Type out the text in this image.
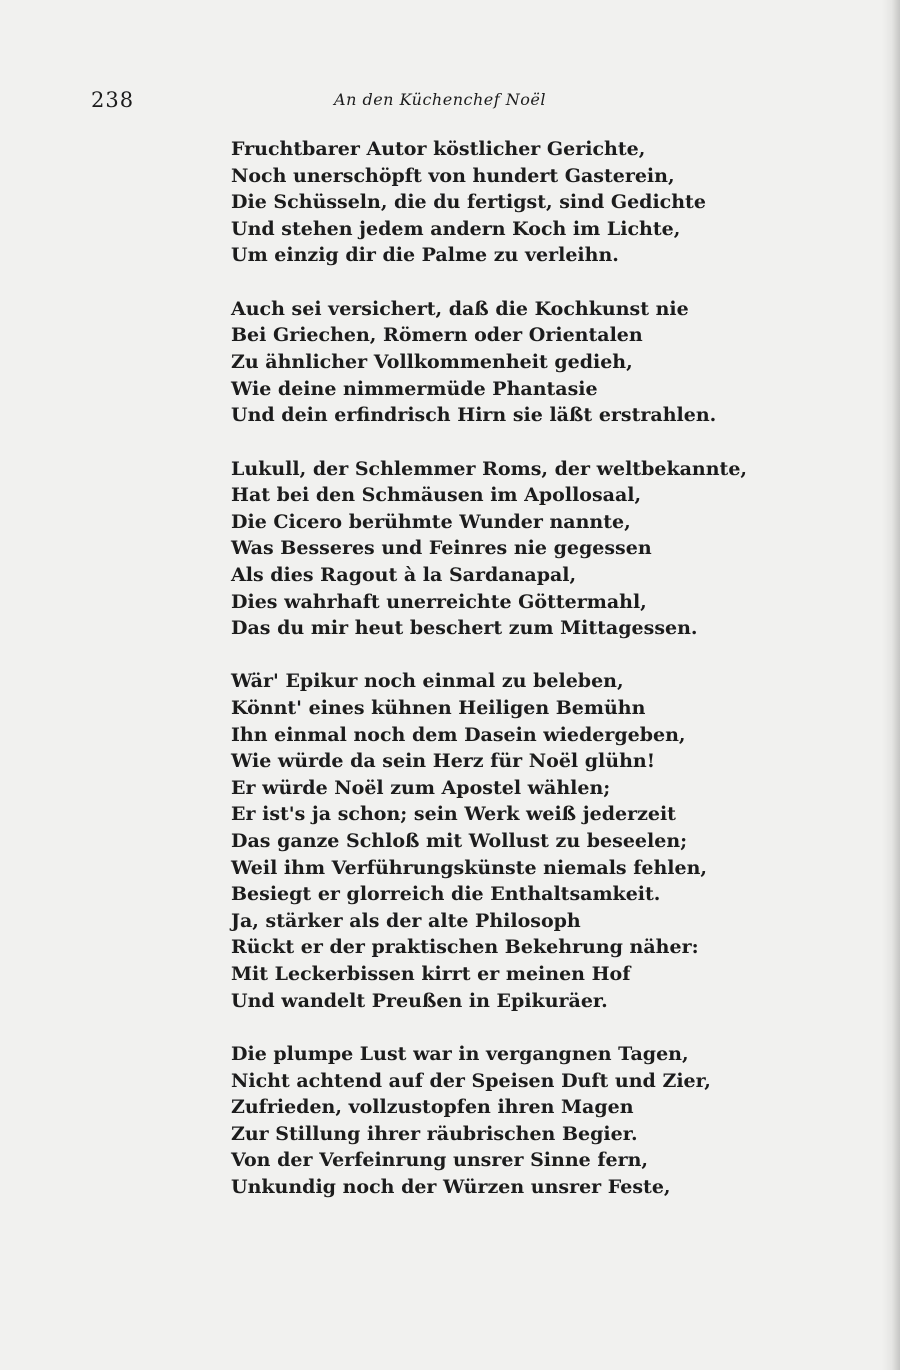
238	An den Küchenchef Noël
Fruchtbarer Autor köstlicher Gerichte,
Noch unerschöpft von hundert Gasterein,
Die Schüsseln, die du fertigst, sind Gedichte
Und stehen jedem andern Koch im Lichte,
Um einzig dir die Palme zu verleihn.
Auch sei versichert, daß die Kochkunst nie
Bei Griechen, Römern oder Orientalen
Zu ähnlicher Vollkommenheit gedieh,
Wie deine nimmermüde Phantasie
Und dein erfindrisch Hirn sie läßt erstrahlen.
Lukull, der Schlemmer Roms, der weltbekannte,
Hat bei den Schmäusen im Apollosaal,
Die Cicero berühmte Wunder nannte,
Was Besseres und Feinres nie gegessen
Als dies Ragout à la Sardanapal,
Dies wahrhaft unerreichte Göttermahl,
Das du mir heut beschert zum Mittagessen.
Wär' Epikur noch einmal zu beleben,
Könnt' eines kühnen Heiligen Bemühn
Ihn einmal noch dem Dasein wiedergeben,
Wie würde da sein Herz für Noël glühn!
Er würde Noël zum Apostel wählen;
Er ist's ja schon; sein Werk weiß jederzeit
Das ganze Schloß mit Wollust zu beseelen;
Weil ihm Verführungskünste niemals fehlen,
Besiegt er glorreich die Enthaltsamkeit.
Ja, stärker als der alte Philosoph
Rückt er der praktischen Bekehrung näher:
Mit Leckerbissen kirrt er meinen Hof
Und wandelt Preußen in Epikuräer.
Die plumpe Lust war in vergangnen Tagen,
Nicht achtend auf der Speisen Duft und Zier,
Zufrieden, vollzustopfen ihren Magen
Zur Stillung ihrer räubrischen Begier.
Von der Verfeinrung unsrer Sinne fern,
Unkundig noch der Würzen unsrer Feste,
